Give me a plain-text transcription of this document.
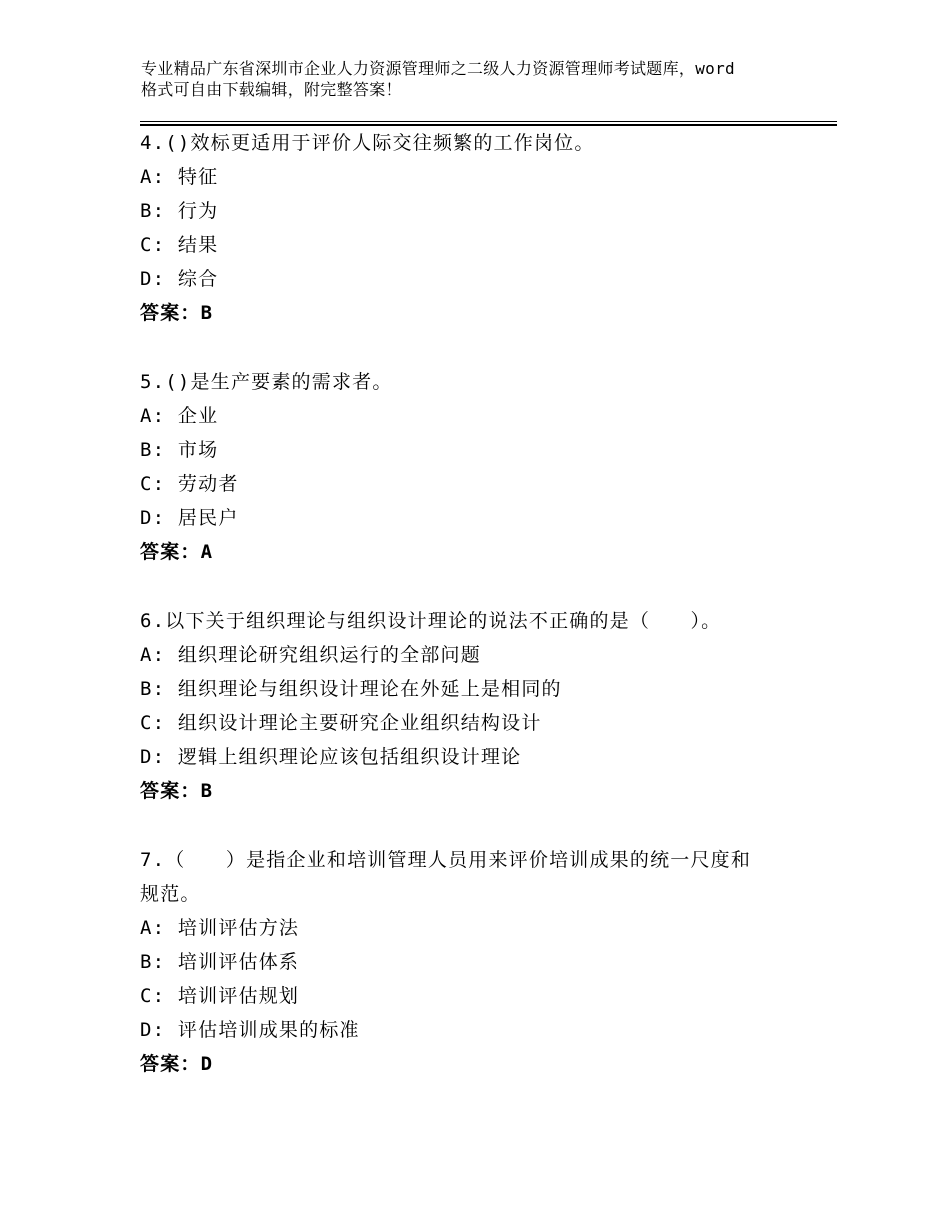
专业精品广东省深圳市企业人力资源管理师之二级人力资源管理师考试题库，word
格式可自由下载编辑，附完整答案！
4.()效标更适用于评价人际交往频繁的工作岗位。
A: 特征
B: 行为
C: 结果
D: 综合
答案：B
5.()是生产要素的需求者。
A: 企业
B: 市场
C: 劳动者
D: 居民户
答案：A
6.以下关于组织理论与组织设计理论的说法不正确的是（　　）。
A: 组织理论研究组织运行的全部问题
B: 组织理论与组织设计理论在外延上是相同的
C: 组织设计理论主要研究企业组织结构设计
D: 逻辑上组织理论应该包括组织设计理论
答案：B
7.（　　）是指企业和培训管理人员用来评价培训成果的统一尺度和
规范。
A: 培训评估方法
B: 培训评估体系
C: 培训评估规划
D: 评估培训成果的标准
答案：D
